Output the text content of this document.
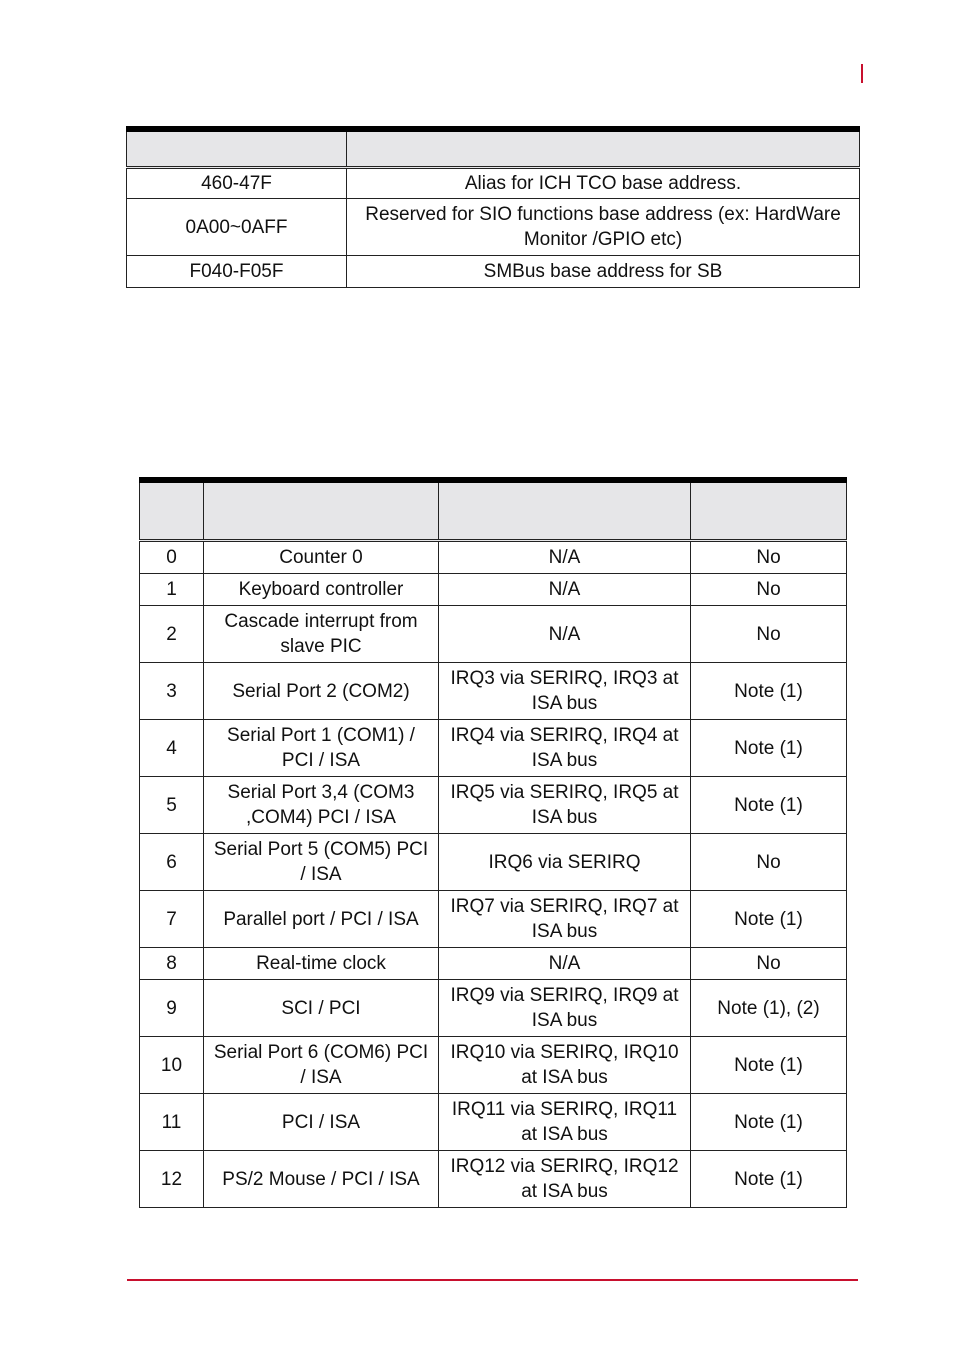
460-47F	Alias for ICH TCO base address.
0A00~0AFF	Reserved for SIO functions base address (ex: HardWare Monitor /GPIO etc)
F040-F05F	SMBus base address for SB

0	Counter 0	N/A	No
1	Keyboard controller	N/A	No
2	Cascade interrupt from slave PIC	N/A	No
3	Serial Port 2 (COM2)	IRQ3 via SERIRQ, IRQ3 at ISA bus	Note (1)
4	Serial Port 1 (COM1) / PCI / ISA	IRQ4 via SERIRQ, IRQ4 at ISA bus	Note (1)
5	Serial Port 3,4 (COM3 ,COM4) PCI / ISA	IRQ5 via SERIRQ, IRQ5 at ISA bus	Note (1)
6	Serial Port 5 (COM5) PCI / ISA	IRQ6 via SERIRQ	No
7	Parallel port / PCI / ISA	IRQ7 via SERIRQ, IRQ7 at ISA bus	Note (1)
8	Real-time clock	N/A	No
9	SCI / PCI	IRQ9 via SERIRQ, IRQ9 at ISA bus	Note (1), (2)
10	Serial Port 6 (COM6) PCI / ISA	IRQ10 via SERIRQ, IRQ10 at ISA bus	Note (1)
11	PCI / ISA	IRQ11 via SERIRQ, IRQ11 at ISA bus	Note (1)
12	PS/2 Mouse / PCI / ISA	IRQ12 via SERIRQ, IRQ12 at ISA bus	Note (1)
